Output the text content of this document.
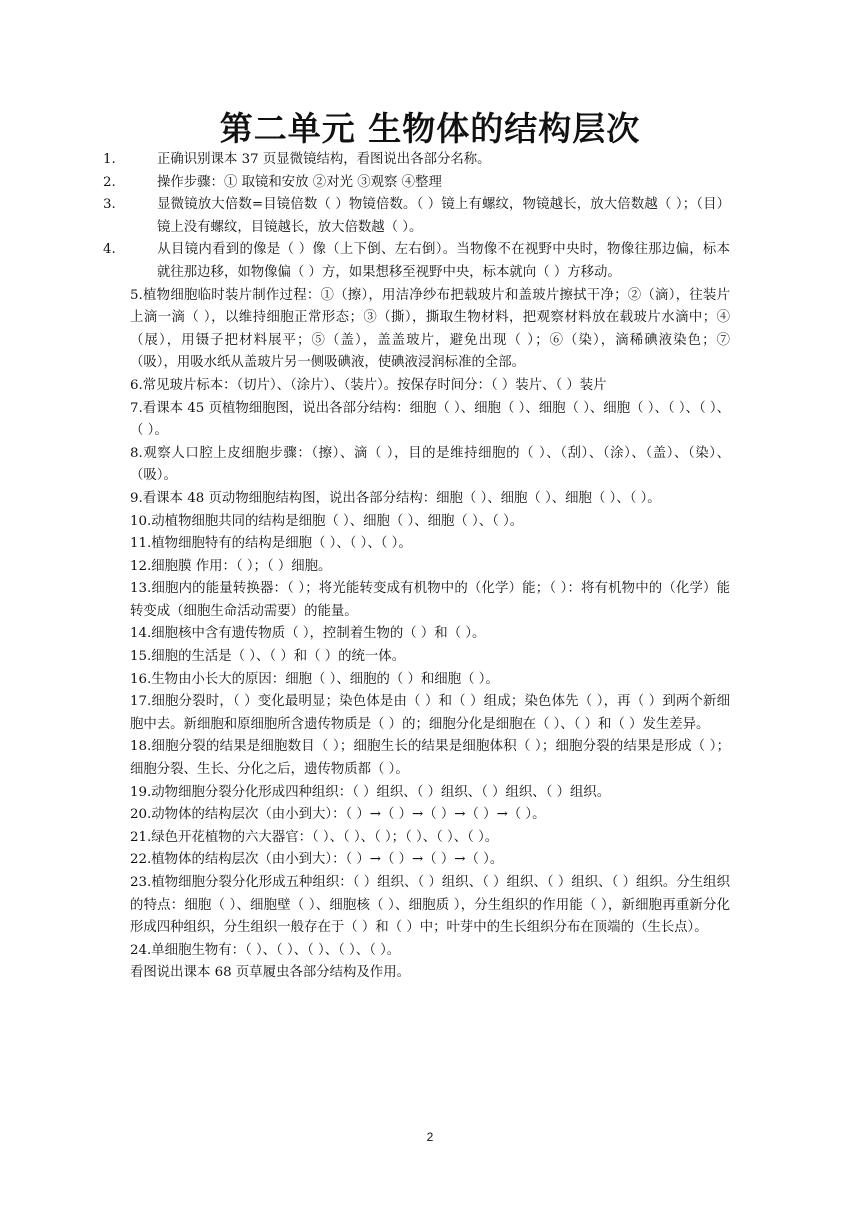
第二单元 生物体的结构层次

1.	正确识别课本 37 页显微镜结构，看图说出各部分名称。

2.	操作步骤：① 取镜和安放 ②对光 ③观察 ④整理

3.	显微镜放大倍数=目镜倍数（ ）物镜倍数。（ ）镜上有螺纹，物镜越长，放大倍数越（ ）；（目）镜上没有螺纹，目镜越长，放大倍数越（ ）。

4.	从目镜内看到的像是（ ）像（上下倒、左右倒）。当物像不在视野中央时，物像往那边偏，标本就往那边移，如物像偏（ ）方，如果想移至视野中央，标本就向（ ）方移动。

5.植物细胞临时装片制作过程：①（擦），用洁净纱布把载玻片和盖玻片擦拭干净；②（滴），往装片上滴一滴（ ），以维持细胞正常形态；③（撕），撕取生物材料，把观察材料放在载玻片水滴中；④（展），用镊子把材料展平；⑤（盖），盖盖玻片，避免出现（ ）；⑥（染），滴稀碘液染色；⑦（吸），用吸水纸从盖玻片另一侧吸碘液，使碘液浸润标准的全部。

6.常见玻片标本：（切片）、（涂片）、（装片）。按保存时间分：（ ）装片、（ ）装片

7.看课本 45 页植物细胞图，说出各部分结构：细胞（ ）、细胞（ ）、细胞（ ）、细胞（ ）、（ ）、（ ）、（ ）。

8.观察人口腔上皮细胞步骤：（擦）、滴（ ），目的是维持细胞的（ ）、（刮）、（涂）、（盖）、（染）、（吸）。

9.看课本 48 页动物细胞结构图，说出各部分结构：细胞（ ）、细胞（ ）、细胞（ ）、（ ）。

10.动植物细胞共同的结构是细胞（ ）、细胞（ ）、细胞（ ）、（ ）。

11.植物细胞特有的结构是细胞（ ）、（ ）、（ ）。

12.细胞膜 作用：（ ）；（ ）细胞。

13.细胞内的能量转换器：（ ）；将光能转变成有机物中的（化学）能；（ ）：将有机物中的（化学）能转变成（细胞生命活动需要）的能量。

14.细胞核中含有遗传物质（ ），控制着生物的（ ）和（ ）。

15.细胞的生活是（ ）、（ ）和（ ）的统一体。

16.生物由小长大的原因：细胞（ ）、细胞的（ ）和细胞（ ）。

17.细胞分裂时，（ ）变化最明显；染色体是由（ ）和（ ）组成；染色体先（ ），再（ ）到两个新细胞中去。新细胞和原细胞所含遗传物质是（ ）的；细胞分化是细胞在（ ）、（ ）和（ ）发生差异。

18.细胞分裂的结果是细胞数目（ ）；细胞生长的结果是细胞体积（ ）；细胞分裂的结果是形成（ ）；细胞分裂、生长、分化之后，遗传物质都（ ）。

19.动物细胞分裂分化形成四种组织：（ ）组织、（ ）组织、（ ）组织、（ ）组织。

20.动物体的结构层次（由小到大）：（ ）→（ ）→（ ）→（ ）→（ ）。

21.绿色开花植物的六大器官：（ ）、（ ）、（ ）；（ ）、（ ）、（ ）。

22.植物体的结构层次（由小到大）：（ ）→（ ）→（ ）→（ ）。

23.植物细胞分裂分化形成五种组织：（ ）组织、（ ）组织、（ ）组织、（ ）组织、（ ）组织。分生组织的特点：细胞（ ）、细胞壁（ ）、细胞核（ ）、细胞质 ），分生组织的作用能（ ），新细胞再重新分化形成四种组织，分生组织一般存在于（ ）和（ ）中；叶芽中的生长组织分布在顶端的（生长点）。

24.单细胞生物有：（ ）、（ ）、（ ）、（ ）、（ ）。

看图说出课本 68 页草履虫各部分结构及作用。

2
